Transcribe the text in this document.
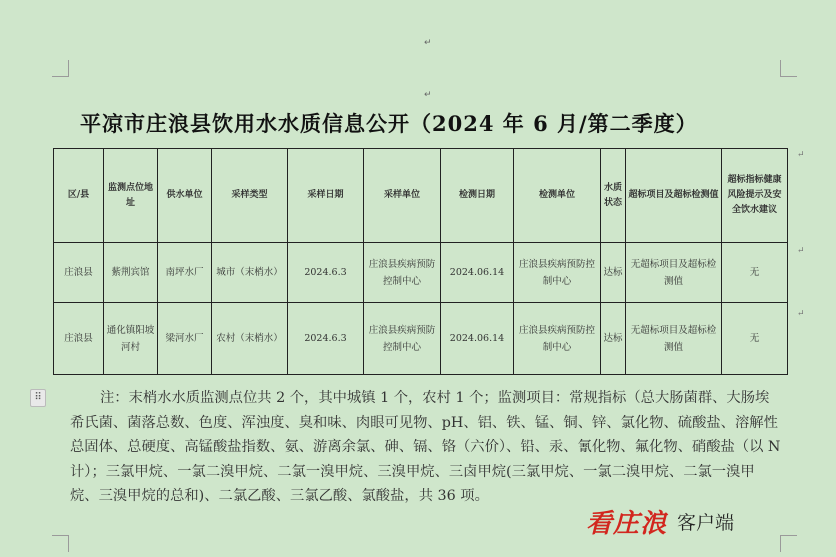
↵
↵
平凉市庄浪县饮用水水质信息公开（2024 年 6 月/第二季度）
区/县	监测点位地址	供水单位	采样类型	采样日期	采样单位	检测日期	检测单位	水质状态	超标项目及超标检测值	超标指标健康风险提示及安全饮水建议
庄浪县	紫荆宾馆	南坪水厂	城市（末梢水）	2024.6.3	庄浪县疾病预防控制中心	2024.06.14	庄浪县疾病预防控制中心	达标	无超标项目及超标检测值	无
庄浪县	通化镇阳坡河村	梁河水厂	农村（末梢水）	2024.6.3	庄浪县疾病预防控制中心	2024.06.14	庄浪县疾病预防控制中心	达标	无超标项目及超标检测值	无
↵
↵
↵
⠿	注：末梢水水质监测点位共 2 个，其中城镇 1 个，农村 1 个；监测项目：常规指标（总大肠菌群、大肠埃希氏菌、菌落总数、色度、浑浊度、臭和味、肉眼可见物、pH、铝、铁、锰、铜、锌、氯化物、硫酸盐、溶解性总固体、总硬度、高锰酸盐指数、氨、游离余氯、砷、镉、铬（六价）、铅、汞、氰化物、氟化物、硝酸盐（以 N 计）；三氯甲烷、一氯二溴甲烷、二氯一溴甲烷、三溴甲烷、三卤甲烷(三氯甲烷、一氯二溴甲烷、二氯一溴甲烷、三溴甲烷的总和)、二氯乙酸、三氯乙酸、氯酸盐，共 36 项。
看庄浪 客户端
